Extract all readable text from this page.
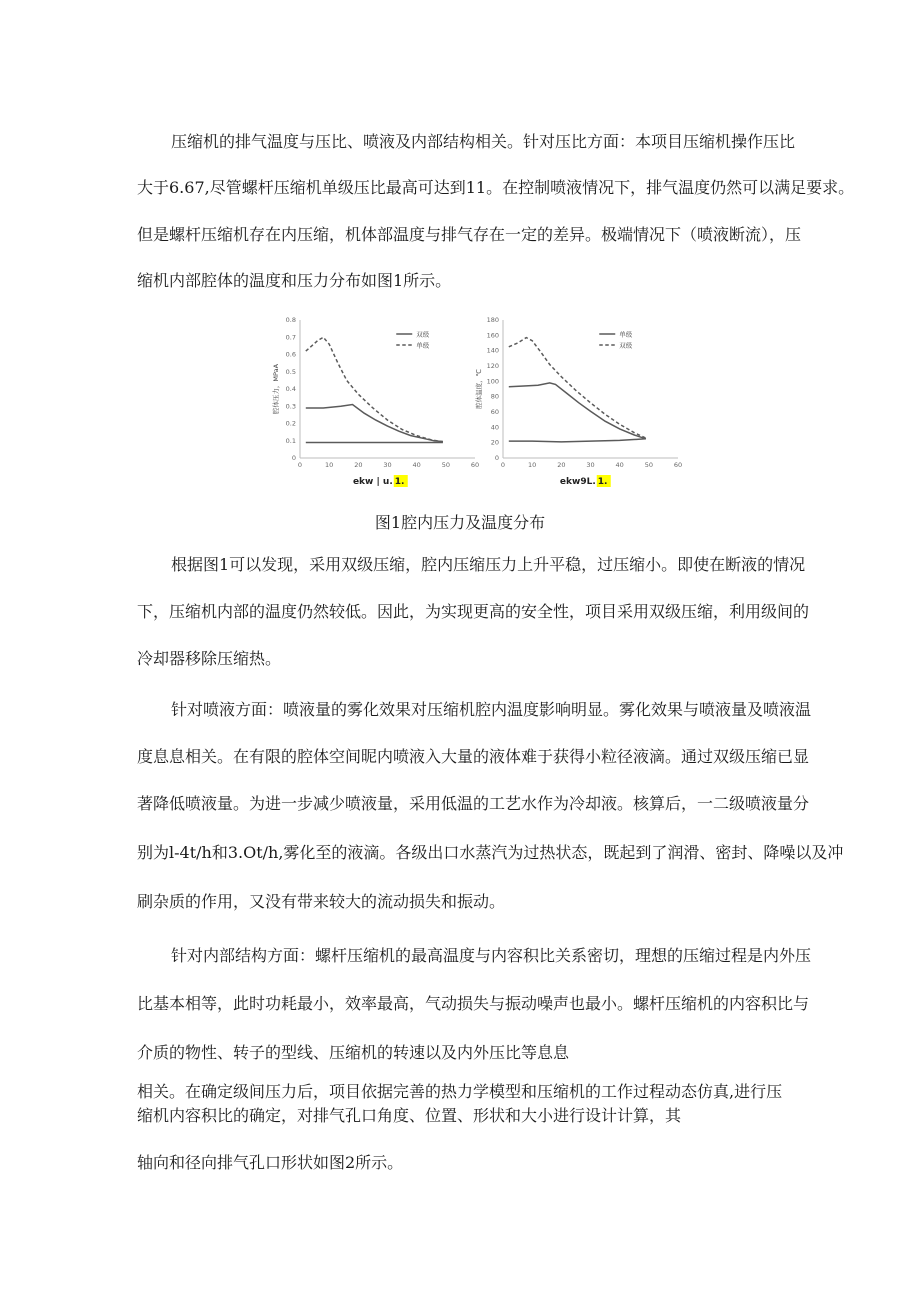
压缩机的排气温度与压比、喷液及内部结构相关。针对压比方面：本项目压缩机操作压比

大于6.67,尽管螺杆压缩机单级压比最高可达到11。在控制喷液情况下，排气温度仍然可以满足要求。

但是螺杆压缩机存在内压缩，机体部温度与排气存在一定的差异。极端情况下（喷液断流），压

缩机内部腔体的温度和压力分布如图1所示。

0
0.1
0.2
0.3
0.4
0.5
0.6
0.7
0.8
0	10	20	30	40	50	60
腔体压力，MPaA
双级
单级
ekw | u. 1.
0
20
40
60
80
100
120
140
160
180
0	10	20	30	40	50	60
腔体温度，℃
单级
双级
ekw9L. 1.
图1腔内压力及温度分布

根据图1可以发现，采用双级压缩，腔内压缩压力上升平稳，过压缩小。即使在断液的情况

下，压缩机内部的温度仍然较低。因此，为实现更高的安全性，项目采用双级压缩，利用级间的

冷却器移除压缩热。

针对喷液方面：喷液量的雾化效果对压缩机腔内温度影响明显。雾化效果与喷液量及喷液温

度息息相关。在有限的腔体空间昵内喷液入大量的液体难于获得小粒径液滴。通过双级压缩已显

著降低喷液量。为进一步减少喷液量，采用低温的工艺水作为冷却液。核算后，一二级喷液量分

别为l-4t/h和3.Ot/h,雾化至的液滴。各级出口水蒸汽为过热状态，既起到了润滑、密封、降噪以及冲

刷杂质的作用，又没有带来较大的流动损失和振动。

针对内部结构方面：螺杆压缩机的最高温度与内容积比关系密切，理想的压缩过程是内外压

比基本相等，此时功耗最小，效率最高，气动损失与振动噪声也最小。螺杆压缩机的内容积比与

介质的物性、转子的型线、压缩机的转速以及内外压比等息息

相关。在确定级间压力后，项目依据完善的热力学模型和压缩机的工作过程动态仿真,进行压缩机内容积比的确定，对排气孔口角度、位置、形状和大小进行设计计算，其

轴向和径向排气孔口形状如图2所示。
